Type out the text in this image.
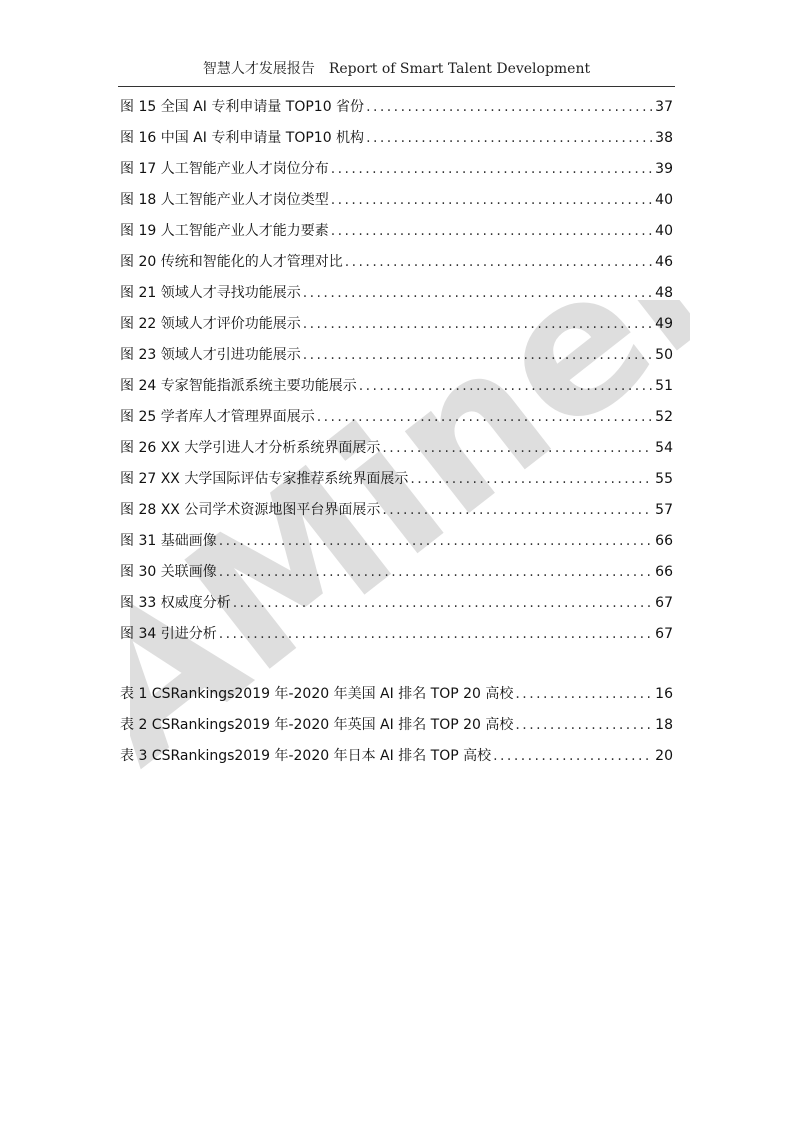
AMiner
智慧人才发展报告　Report of Smart Talent Development
图 15 全国 AI 专利申请量 TOP10 省份 . . .	37
图 16 中国 AI 专利申请量 TOP10 机构 . . .	38
图 17 人工智能产业人才岗位分布 . . .	39
图 18 人工智能产业人才岗位类型 . . .	40
图 19 人工智能产业人才能力要素 . . .	40
图 20 传统和智能化的人才管理对比 . . .	46
图 21 领域人才寻找功能展示 . . .	48
图 22 领域人才评价功能展示 . . .	49
图 23 领域人才引进功能展示 . . .	50
图 24 专家智能指派系统主要功能展示 . . .	51
图 25 学者库人才管理界面展示 . . .	52
图 26 XX 大学引进人才分析系统界面展示 . . .	54
图 27 XX 大学国际评估专家推荐系统界面展示 . . .	55
图 28 XX 公司学术资源地图平台界面展示 . . .	57
图 31 基础画像 . . .	66
图 30 关联画像 . . .	66
图 33 权威度分析 . . .	67
图 34 引进分析 . . .	67
表 1 CSRankings2019 年-2020 年美国 AI 排名 TOP 20 高校 . . .	16
表 2 CSRankings2019 年-2020 年英国 AI 排名 TOP 20 高校 . . .	18
表 3 CSRankings2019 年-2020 年日本 AI 排名 TOP 高校 . . .	20
